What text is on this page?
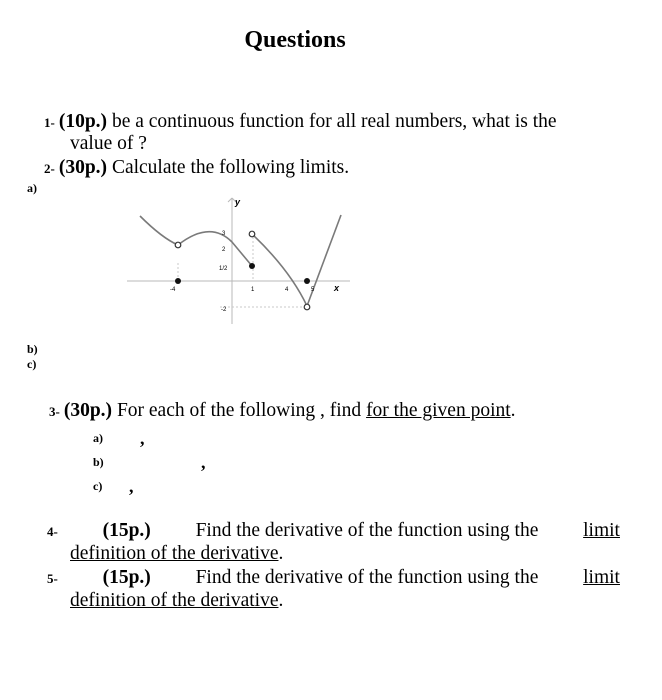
Questions
1- (10p.) be a continuous function for all real numbers, what is the
value of ?
2- (30p.) Calculate the following limits.
a)
y
x
3
2
1/2
-2
-4	1	4	5
b)
c)
3- (30p.) For each of the following , find for the given point.
a) ,
b)	,
c) ,
4- (15p.) Find the derivative of the function using the limit
definition of the derivative.
5- (15p.) Find the derivative of the function using the limit
definition of the derivative.
